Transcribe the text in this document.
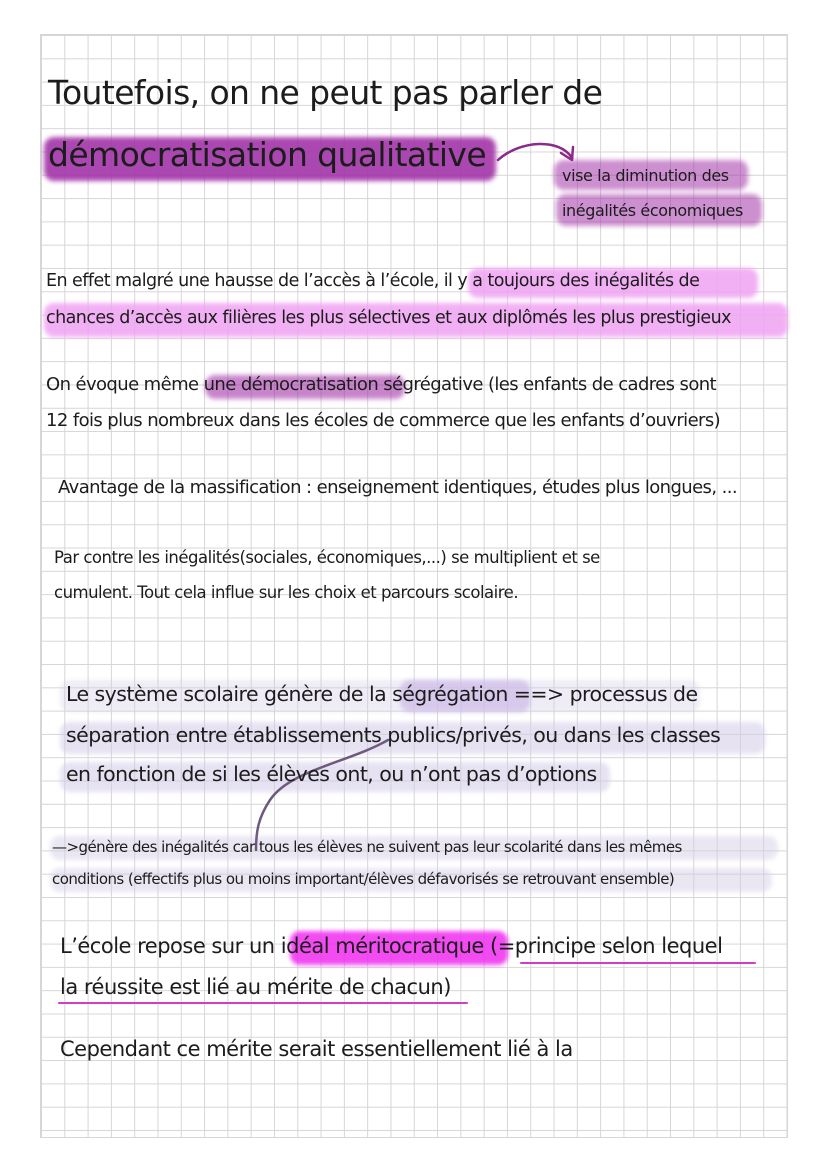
Toutefois, on ne peut pas parler de
démocratisation qualitative
vise la diminution des
inégalités économiques
En effet malgré une hausse de l’accès à l’école, il y a toujours des inégalités de
chances d’accès aux filières les plus sélectives et aux diplômés les plus prestigieux
On évoque même une démocratisation ségrégative (les enfants de cadres sont
12 fois plus nombreux dans les écoles de commerce que les enfants d’ouvriers)
Avantage de la massification : enseignement identiques, études plus longues, ...
Par contre les inégalités(sociales, économiques,...) se multiplient et se
cumulent. Tout cela influe sur les choix et parcours scolaire.
Le système scolaire génère de la ségrégation ==> processus de
séparation entre établissements publics/privés, ou dans les classes
en fonction de si les élèves ont, ou n’ont pas d’options
—>génère des inégalités car tous les élèves ne suivent pas leur scolarité dans les mêmes
conditions (effectifs plus ou moins important/élèves défavorisés se retrouvant ensemble)
L’école repose sur un idéal méritocratique (=principe selon lequel
la réussite est lié au mérite de chacun)
Cependant ce mérite serait essentiellement lié à la
